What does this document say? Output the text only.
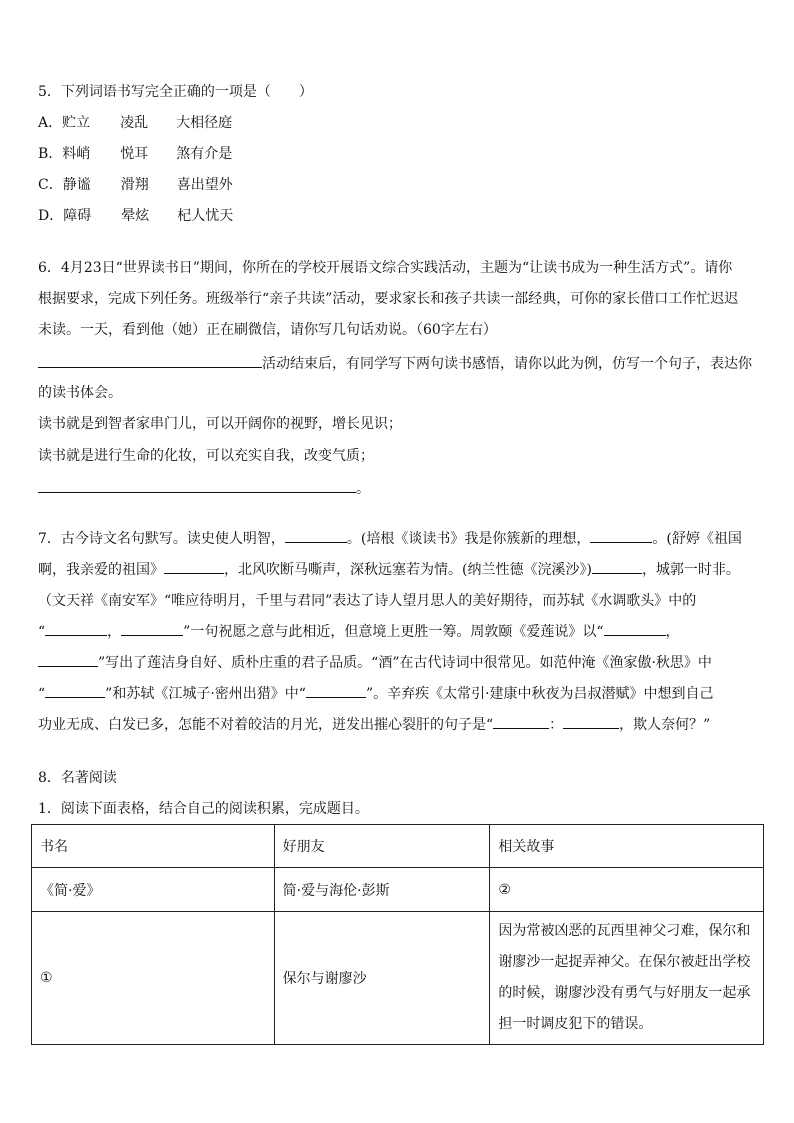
5．下列词语书写完全正确的一项是（　　）
A．贮立 凌乱 大相径庭
B．料峭 悦耳 煞有介是
C．静谧 滑翔 喜出望外
D．障碍 晕炫 杞人忧天
6．4月23日“世界读书日”期间，你所在的学校开展语文综合实践活动，主题为“让读书成为一种生活方式”。请你
根据要求，完成下列任务。班级举行“亲子共读”活动，要求家长和孩子共读一部经典，可你的家长借口工作忙迟迟
未读。一天，看到他（她）正在刷微信，请你写几句话劝说。（60字左右）
活动结束后，有同学写下两句读书感悟，请你以此为例，仿写一个句子，表达你
的读书体会。
读书就是到智者家串门儿，可以开阔你的视野，增长见识；
读书就是进行生命的化妆，可以充实自我，改变气质；
。
7．古今诗文名句默写。读史使人明智，	。(培根《谈读书》我是你簇新的理想，	。(舒婷《祖国
啊，我亲爱的祖国》	，北风吹断马嘶声，深秋远塞若为情。(纳兰性德《浣溪沙》)	，城郭一时非。
（文天祥《南安军》“唯应待明月，千里与君同”表达了诗人望月思人的美好期待，而苏轼《水调歌头》中的
“	，	”一句祝愿之意与此相近，但意境上更胜一筹。周敦颐《爱莲说》以“	，
”写出了莲洁身自好、质朴庄重的君子品质。“酒”在古代诗词中很常见。如范仲淹《渔家傲·秋思》中
“	”和苏轼《江城子·密州出猎》中“	”。辛弃疾《太常引·建康中秋夜为吕叔潜赋》中想到自己
功业无成、白发已多，怎能不对着皎洁的月光，迸发出摧心裂肝的句子是“	：	，欺人奈何？”
8．名著阅读
1．阅读下面表格，结合自己的阅读积累，完成题目。
书名	好朋友	相关故事
《简·爱》	简·爱与海伦·彭斯	②
①	保尔与谢廖沙	因为常被凶恶的瓦西里神父刁难，保尔和
谢廖沙一起捉弄神父。在保尔被赶出学校
的时候，谢廖沙没有勇气与好朋友一起承
担一时调皮犯下的错误。
